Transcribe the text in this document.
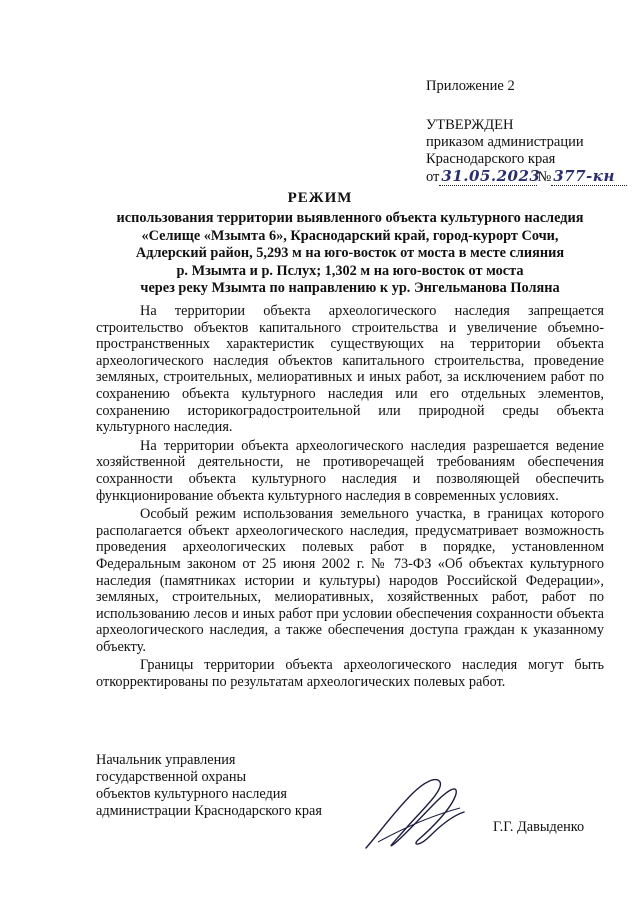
Приложение 2
УТВЕРЖДЕН
приказом администрации
Краснодарского края
от 31.05.2023№ 377-кн
РЕЖИМ
использования территории выявленного объекта культурного наследия
«Селище «Мзымта 6», Краснодарский край, город-курорт Сочи,
Адлерский район, 5,293 м на юго-восток от моста в месте слияния
р. Мзымта и р. Пслух; 1,302 м на юго-восток от моста
через реку Мзымта по направлению к ур. Энгельманова Поляна

На территории объекта археологического наследия запрещается строительство объектов капитального строительства и увеличение объемно-пространственных характеристик существующих на территории объекта археологического наследия объектов капитального строительства, проведение земляных, строительных, мелиоративных и иных работ, за исключением работ по сохранению объекта культурного наследия или его отдельных элементов, сохранению историкоградостроительной или природной среды объекта культурного наследия.

На территории объекта археологического наследия разрешается ведение хозяйственной деятельности, не противоречащей требованиям обеспечения сохранности объекта культурного наследия и позволяющей обеспечить функционирование объекта культурного наследия в современных условиях.

Особый режим использования земельного участка, в границах которого располагается объект археологического наследия, предусматривает возможность проведения археологических полевых работ в порядке, установленном Федеральным законом от 25 июня 2002 г. № 73-ФЗ «Об объектах культурного наследия (памятниках истории и культуры) народов Российской Федерации», земляных, строительных, мелиоративных, хозяйственных работ, работ по использованию лесов и иных работ при условии обеспечения сохранности объекта археологического наследия, а также обеспечения доступа граждан к указанному объекту.

Границы территории объекта археологического наследия могут быть откорректированы по результатам археологических полевых работ.

Начальник управления
государственной охраны
объектов культурного наследия
администрации Краснодарского края
Г.Г. Давыденко
